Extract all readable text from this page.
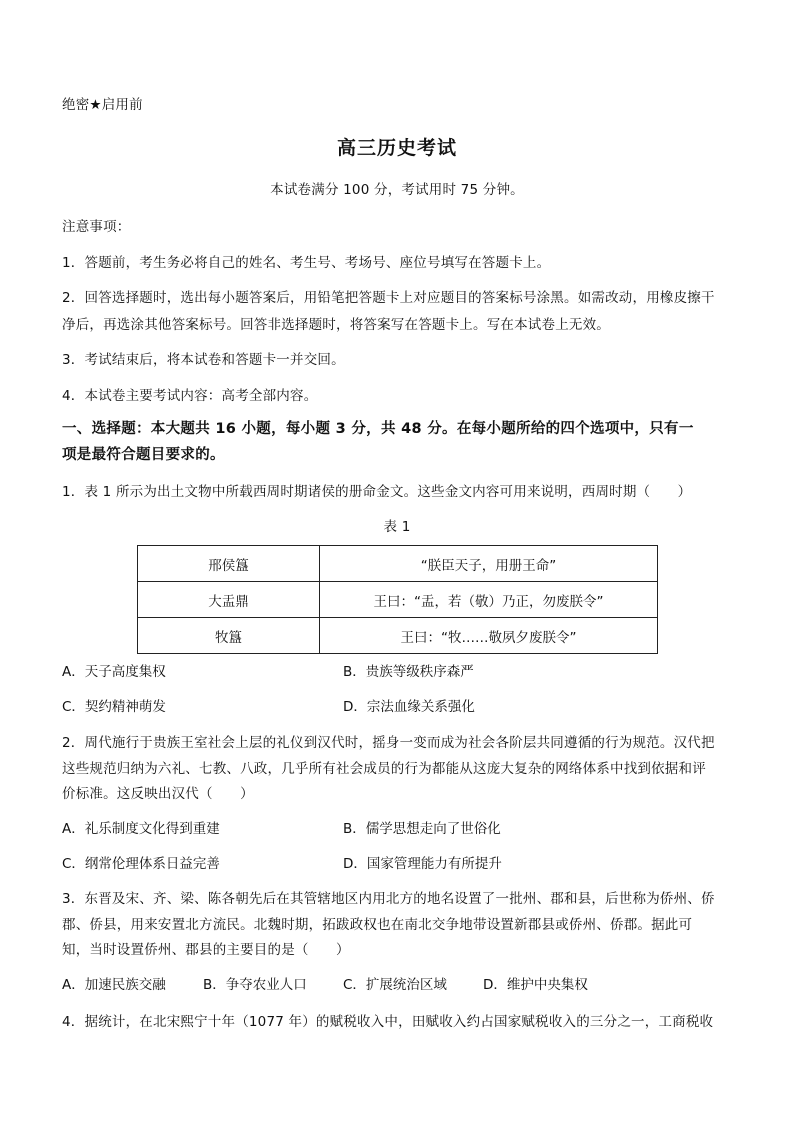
绝密★启用前
高三历史考试
本试卷满分 100 分，考试用时 75 分钟。
注意事项：
1．答题前，考生务必将自己的姓名、考生号、考场号、座位号填写在答题卡上。
2．回答选择题时，选出每小题答案后，用铅笔把答题卡上对应题目的答案标号涂黑。如需改动，用橡皮擦干
净后，再选涂其他答案标号。回答非选择题时，将答案写在答题卡上。写在本试卷上无效。
3．考试结束后，将本试卷和答题卡一并交回。
4．本试卷主要考试内容：高考全部内容。
一、选择题：本大题共 16 小题，每小题 3 分，共 48 分。在每小题所给的四个选项中，只有一
项是最符合题目要求的。
1．表 1 所示为出土文物中所载西周时期诸侯的册命金文。这些金文内容可用来说明，西周时期（　　）
表 1
邢侯簋	“朕臣天子，用册王命”
大盂鼎	王曰：“盂，若（敬）乃正，勿废朕令”
牧簋	王曰：“牧……敬夙夕废朕令”
A．天子高度集权	B．贵族等级秩序森严
C．契约精神萌发	D．宗法血缘关系强化
2．周代施行于贵族王室社会上层的礼仪到汉代时，摇身一变而成为社会各阶层共同遵循的行为规范。汉代把
这些规范归纳为六礼、七教、八政，几乎所有社会成员的行为都能从这庞大复杂的网络体系中找到依据和评
价标准。这反映出汉代（　　）
A．礼乐制度文化得到重建	B．儒学思想走向了世俗化
C．纲常伦理体系日益完善	D．国家管理能力有所提升
3．东晋及宋、齐、梁、陈各朝先后在其管辖地区内用北方的地名设置了一批州、郡和县，后世称为侨州、侨
郡、侨县，用来安置北方流民。北魏时期，拓跋政权也在南北交争地带设置新郡县或侨州、侨郡。据此可
知，当时设置侨州、郡县的主要目的是（　　）
A．加速民族交融	B．争夺农业人口	C．扩展统治区域	D．维护中央集权
4．据统计，在北宋熙宁十年（1077 年）的赋税收入中，田赋收入约占国家赋税收入的三分之一，工商税收
